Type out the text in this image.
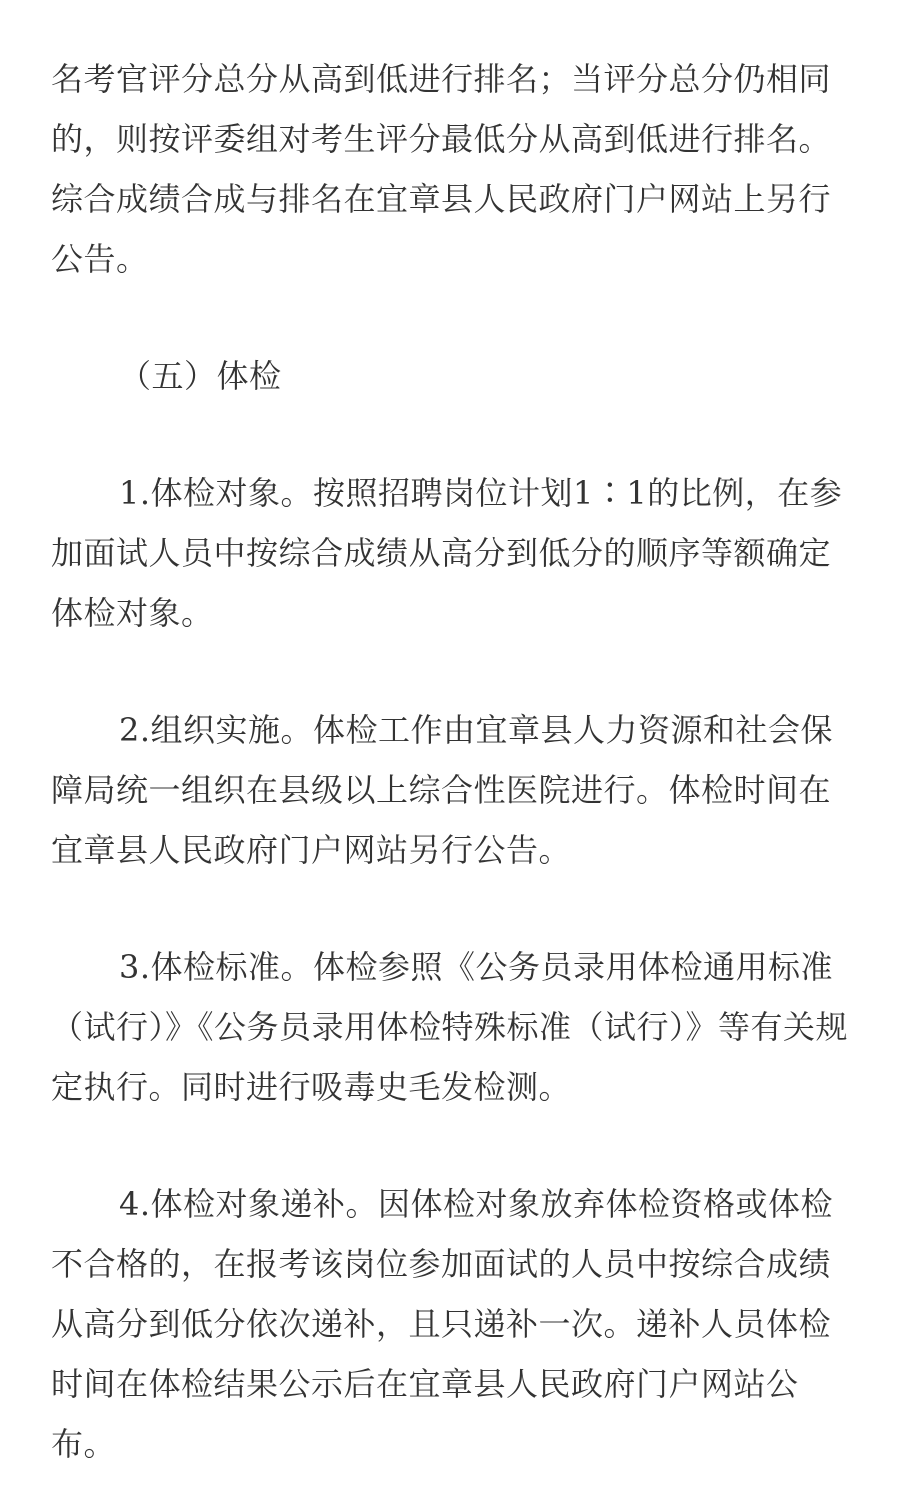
名考官评分总分从高到低进行排名；当评分总分仍相同的，则按评委组对考生评分最低分从高到低进行排名。综合成绩合成与排名在宜章县人民政府门户网站上另行公告。

（五）体检

1.体检对象。按照招聘岗位计划1∶1的比例，在参加面试人员中按综合成绩从高分到低分的顺序等额确定体检对象。

2.组织实施。体检工作由宜章县人力资源和社会保障局统一组织在县级以上综合性医院进行。体检时间在宜章县人民政府门户网站另行公告。

3.体检标准。体检参照《公务员录用体检通用标准（试行）》《公务员录用体检特殊标准（试行）》等有关规定执行。同时进行吸毒史毛发检测。

4.体检对象递补。因体检对象放弃体检资格或体检不合格的，在报考该岗位参加面试的人员中按综合成绩从高分到低分依次递补，且只递补一次。递补人员体检时间在体检结果公示后在宜章县人民政府门户网站公布。
